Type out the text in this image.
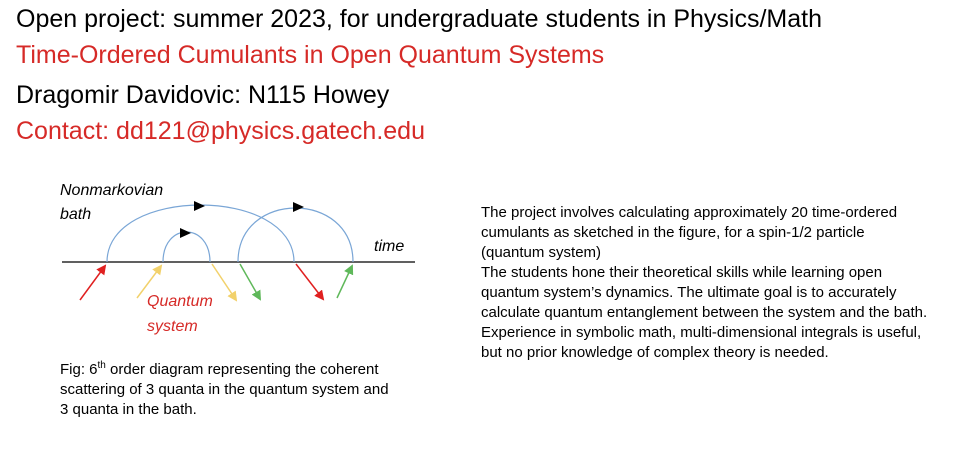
Open project: summer 2023, for undergraduate students in Physics/Math
Time-Ordered Cumulants in Open Quantum Systems
Dragomir Davidovic: N115 Howey
Contact: dd121@physics.gatech.edu
Nonmarkovian
bath
time
Quantum
system
Fig: 6th order diagram representing the coherent scattering of 3 quanta in the quantum system and 3 quanta in the bath.

The project involves calculating approximately 20 time-ordered cumulants as sketched in the figure, for a spin-1/2 particle (quantum system)

The students hone their theoretical skills while learning open quantum system’s dynamics. The ultimate goal is to accurately calculate quantum entanglement between the system and the bath. Experience in symbolic math, multi-dimensional integrals is useful, but no prior knowledge of complex theory is needed.
